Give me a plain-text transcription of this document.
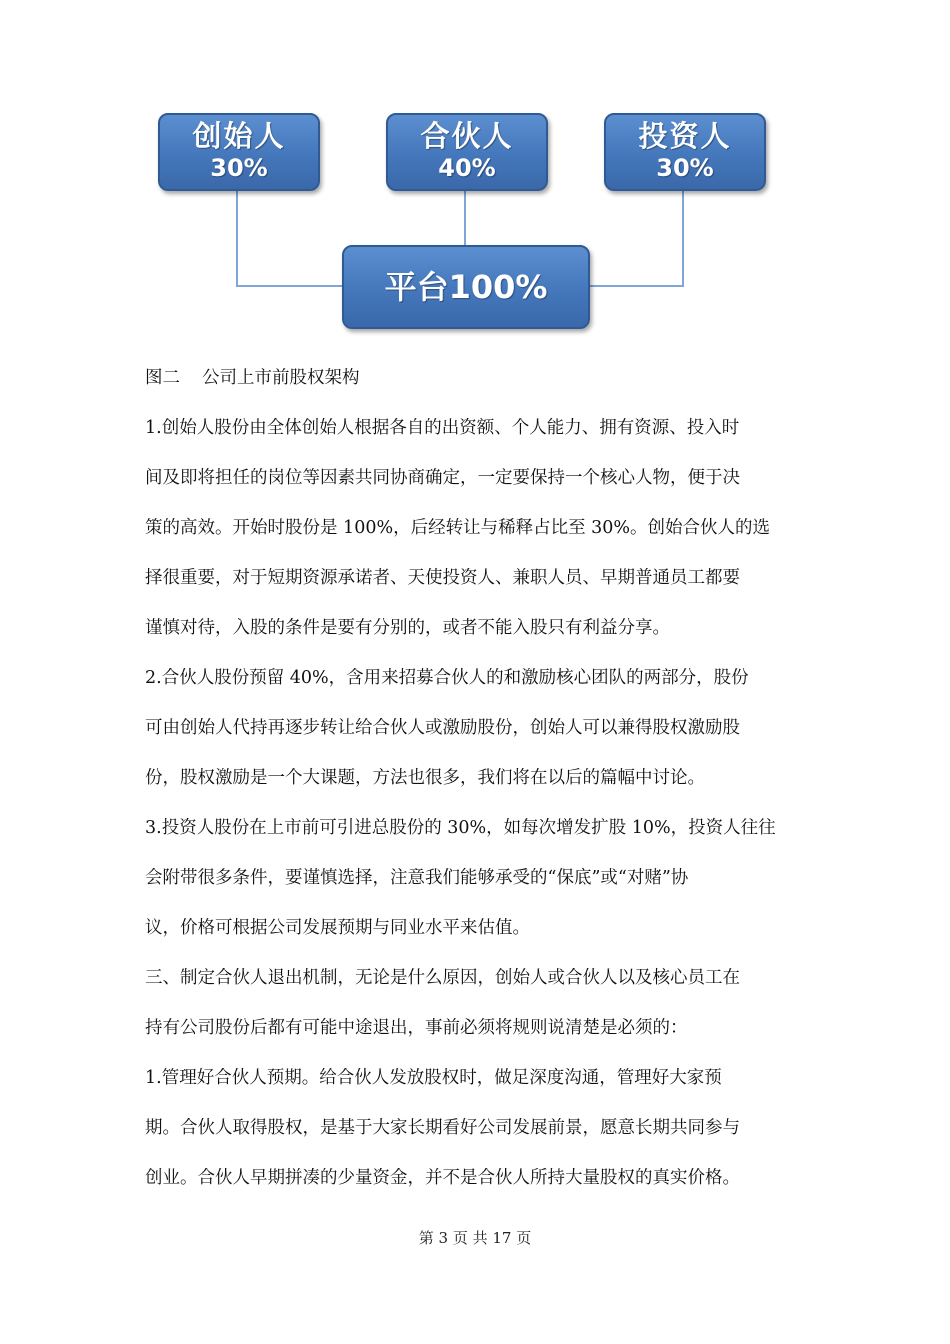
创始人
30%
合伙人
40%
投资人
30%
平台100%
图二 公司上市前股权架构

1.创始人股份由全体创始人根据各自的出资额、个人能力、拥有资源、投入时

间及即将担任的岗位等因素共同协商确定，一定要保持一个核心人物，便于决

策的高效。开始时股份是 100%，后经转让与稀释占比至 30%。创始合伙人的选

择很重要，对于短期资源承诺者、天使投资人、兼职人员、早期普通员工都要

谨慎对待，入股的条件是要有分别的，或者不能入股只有利益分享。

2.合伙人股份预留 40%，含用来招募合伙人的和激励核心团队的两部分，股份

可由创始人代持再逐步转让给合伙人或激励股份，创始人可以兼得股权激励股

份，股权激励是一个大课题，方法也很多，我们将在以后的篇幅中讨论。

3.投资人股份在上市前可引进总股份的 30%，如每次增发扩股 10%，投资人往往

会附带很多条件，要谨慎选择，注意我们能够承受的“保底”或“对赌”协

议，价格可根据公司发展预期与同业水平来估值。

三、制定合伙人退出机制，无论是什么原因，创始人或合伙人以及核心员工在

持有公司股份后都有可能中途退出，事前必须将规则说清楚是必须的：

1.管理好合伙人预期。给合伙人发放股权时，做足深度沟通，管理好大家预

期。合伙人取得股权，是基于大家长期看好公司发展前景，愿意长期共同参与

创业。合伙人早期拼凑的少量资金，并不是合伙人所持大量股权的真实价格。

第 3 页 共 17 页
